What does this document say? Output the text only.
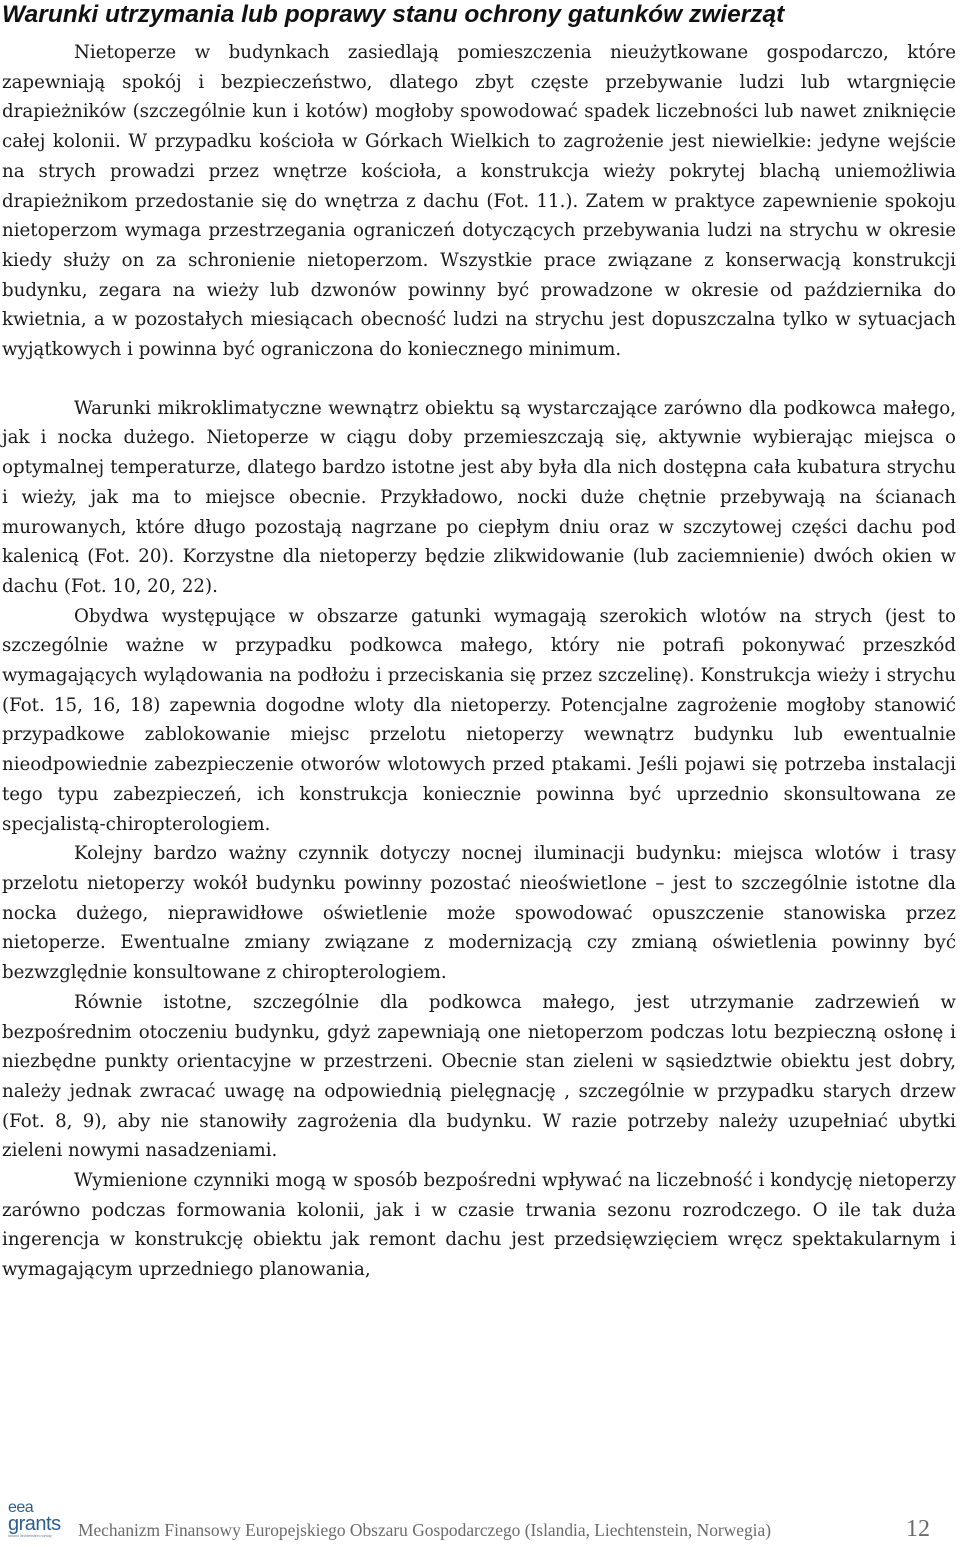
Warunki utrzymania lub poprawy stanu ochrony gatunków zwierząt

Nietoperze w budynkach zasiedlają pomieszczenia nieużytkowane gospodarczo, które zapewniają spokój i bezpieczeństwo, dlatego zbyt częste przebywanie ludzi lub wtargnięcie drapieżników (szczególnie kun i kotów) mogłoby spowodować spadek liczebności lub nawet zniknięcie całej kolonii. W przypadku kościoła w Górkach Wielkich to zagrożenie jest niewielkie: jedyne wejście na strych prowadzi przez wnętrze kościoła, a konstrukcja wieży pokrytej blachą uniemożliwia drapieżnikom przedostanie się do wnętrza z dachu (Fot. 11.). Zatem w praktyce zapewnienie spokoju nietoperzom wymaga przestrzegania ograniczeń dotyczących przebywania ludzi na strychu w okresie kiedy służy on za schronienie nietoperzom. Wszystkie prace związane z konserwacją konstrukcji budynku, zegara na wieży lub dzwonów powinny być prowadzone w okresie od października do kwietnia, a w pozostałych miesiącach obecność ludzi na strychu jest dopuszczalna tylko w sytuacjach wyjątkowych i powinna być ograniczona do koniecznego minimum.

Warunki mikroklimatyczne wewnątrz obiektu są wystarczające zarówno dla podkowca małego, jak i nocka dużego. Nietoperze w ciągu doby przemieszczają się, aktywnie wybierając miejsca o optymalnej temperaturze, dlatego bardzo istotne jest aby była dla nich dostępna cała kubatura strychu i wieży, jak ma to miejsce obecnie. Przykładowo, nocki duże chętnie przebywają na ścianach murowanych, które długo pozostają nagrzane po ciepłym dniu oraz w szczytowej części dachu pod kalenicą (Fot. 20). Korzystne dla nietoperzy będzie zlikwidowanie (lub zaciemnienie) dwóch okien w dachu (Fot. 10, 20, 22).

Obydwa występujące w obszarze gatunki wymagają szerokich wlotów na strych (jest to szczególnie ważne w przypadku podkowca małego, który nie potrafi pokonywać przeszkód wymagających wylądowania na podłożu i przeciskania się przez szczelinę). Konstrukcja wieży i strychu (Fot. 15, 16, 18) zapewnia dogodne wloty dla nietoperzy. Potencjalne zagrożenie mogłoby stanowić przypadkowe zablokowanie miejsc przelotu nietoperzy wewnątrz budynku lub ewentualnie nieodpowiednie zabezpieczenie otworów wlotowych przed ptakami. Jeśli pojawi się potrzeba instalacji tego typu zabezpieczeń, ich konstrukcja koniecznie powinna być uprzednio skonsultowana ze specjalistą-chiropterologiem.

Kolejny bardzo ważny czynnik dotyczy nocnej iluminacji budynku: miejsca wlotów i trasy przelotu nietoperzy wokół budynku powinny pozostać nieoświetlone – jest to szczególnie istotne dla nocka dużego, nieprawidłowe oświetlenie może spowodować opuszczenie stanowiska przez nietoperze. Ewentualne zmiany związane z modernizacją czy zmianą oświetlenia powinny być bezwzględnie konsultowane z chiropterologiem.

Równie istotne, szczególnie dla podkowca małego, jest utrzymanie zadrzewień w bezpośrednim otoczeniu budynku, gdyż zapewniają one nietoperzom podczas lotu bezpieczną osłonę i niezbędne punkty orientacyjne w przestrzeni. Obecnie stan zieleni w sąsiedztwie obiektu jest dobry, należy jednak zwracać uwagę na odpowiednią pielęgnację , szczególnie w przypadku starych drzew (Fot. 8, 9), aby nie stanowiły zagrożenia dla budynku. W razie potrzeby należy uzupełniać ubytki zieleni nowymi nasadzeniami.

Wymienione czynniki mogą w sposób bezpośredni wpływać na liczebność i kondycję nietoperzy zarówno podczas formowania kolonii, jak i w czasie trwania sezonu rozrodczego. O ile tak duża ingerencja w konstrukcję obiektu jak remont dachu jest przedsięwzięciem wręcz spektakularnym i wymagającym uprzedniego planowania,

eea
grants
iceland liechtenstein norway Mechanizm Finansowy Europejskiego Obszaru Gospodarczego (Islandia, Liechtenstein, Norwegia)	12
